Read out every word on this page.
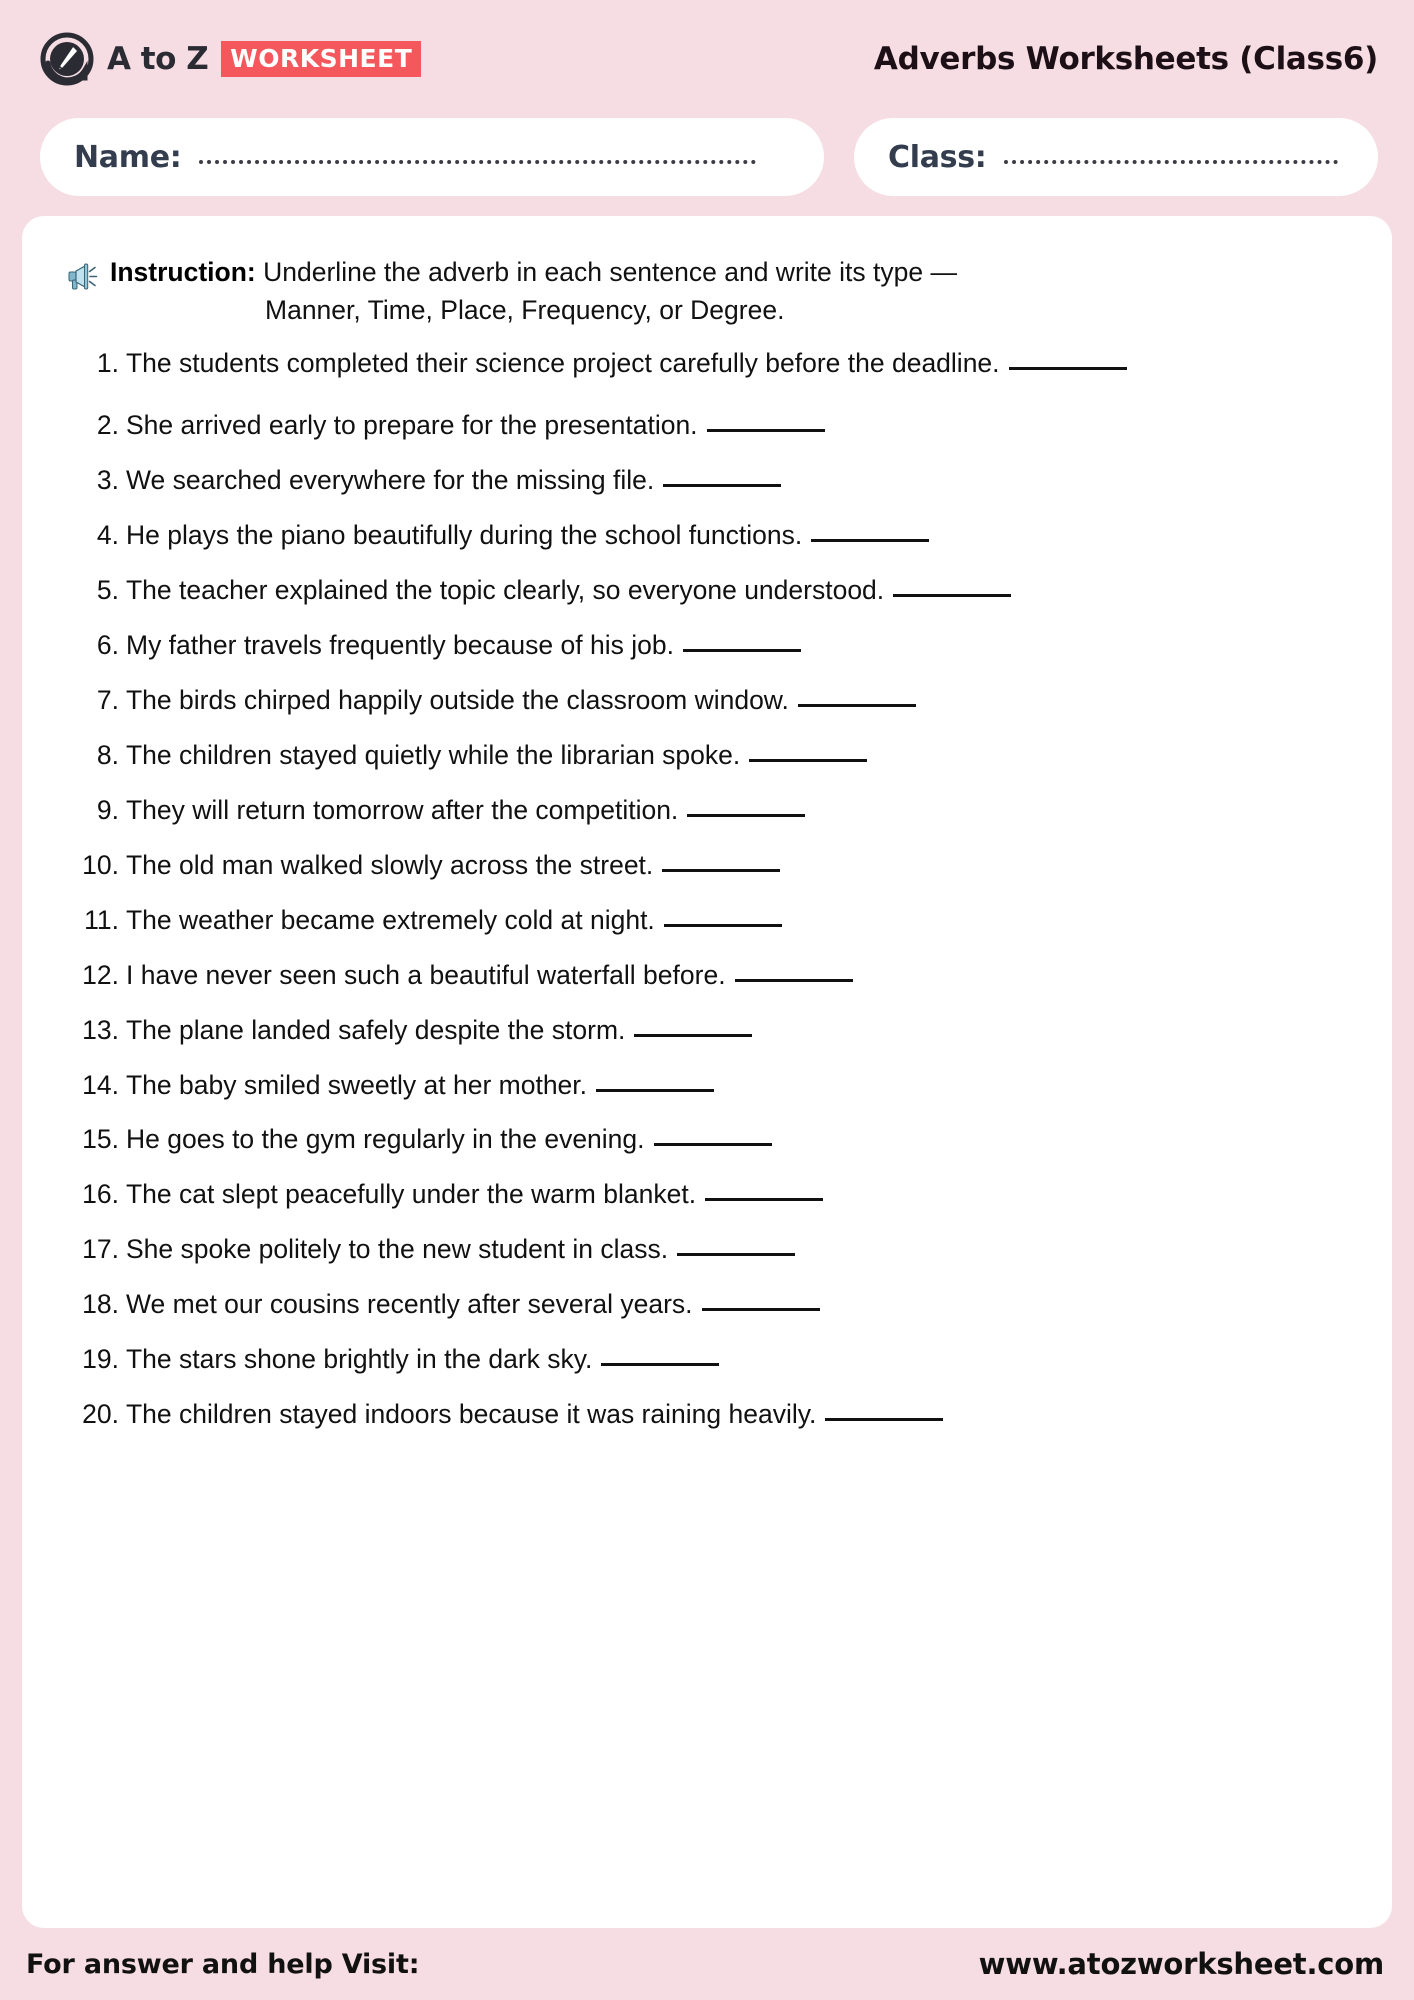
A to Z WORKSHEET	Adverbs Worksheets (Class6)
Name:	Class:
Instruction: Underline the adverb in each sentence and write its type —
Manner, Time, Place, Frequency, or Degree.
1. The students completed their science project carefully before the deadline.
2. She arrived early to prepare for the presentation.
3. We searched everywhere for the missing file.
4. He plays the piano beautifully during the school functions.
5. The teacher explained the topic clearly, so everyone understood.
6. My father travels frequently because of his job.
7. The birds chirped happily outside the classroom window.
8. The children stayed quietly while the librarian spoke.
9. They will return tomorrow after the competition.
10. The old man walked slowly across the street.
11. The weather became extremely cold at night.
12. I have never seen such a beautiful waterfall before.
13. The plane landed safely despite the storm.
14. The baby smiled sweetly at her mother.
15. He goes to the gym regularly in the evening.
16. The cat slept peacefully under the warm blanket.
17. She spoke politely to the new student in class.
18. We met our cousins recently after several years.
19. The stars shone brightly in the dark sky.
20. The children stayed indoors because it was raining heavily.
For answer and help Visit:	www.atozworksheet.com
